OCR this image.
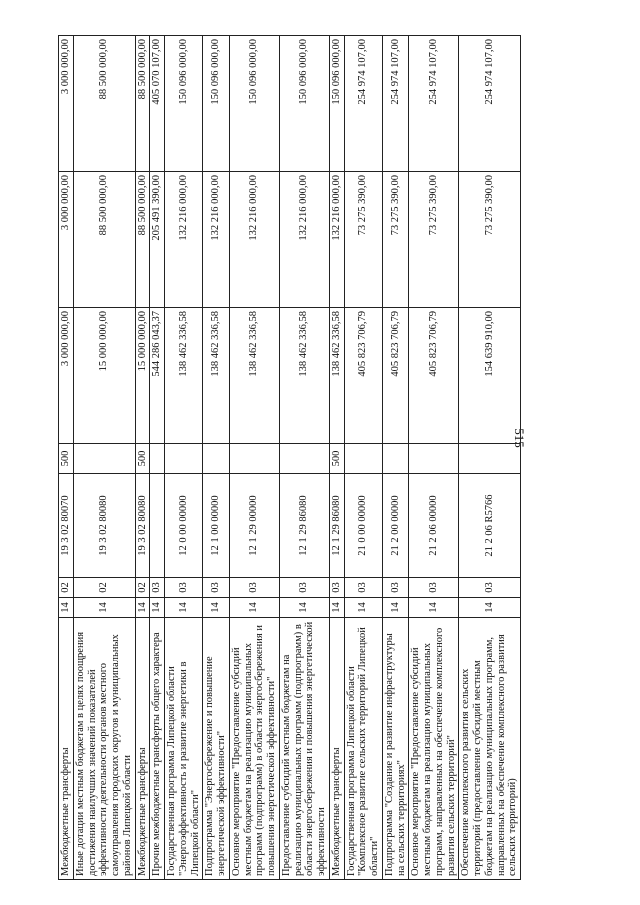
515
Межбюджетные трансферты	14	02	19 3 02 80070	500	3 000 000,00	3 000 000,00	3 000 000,00
Иные дотации местным бюджетам в целях поощрения достижения наилучших значений показателей эффективности деятельности органов местного самоуправления городских округов и муниципальных районов Липецкой области	14	02	19 3 02 80080		15 000 000,00	88 500 000,00	88 500 000,00
Межбюджетные трансферты	14	02	19 3 02 80080	500	15 000 000,00	88 500 000,00	88 500 000,00
Прочие межбюджетные трансферты общего характера	14	03			544 286 043,37	205 491 390,00	405 070 107,00
Государственная программа Липецкой области "Энергоэффективность и развитие энергетики в Липецкой области"	14	03	12 0 00 00000		138 462 336,58	132 216 000,00	150 096 000,00
Подпрограмма "Энергосбережение и повышение энергетической эффективности"	14	03	12 1 00 00000		138 462 336,58	132 216 000,00	150 096 000,00
Основное мероприятие "Предоставление субсидий местным бюджетам на реализацию муниципальных программ (подпрограмм) в области энергосбережения и повышения энергетической эффективности"	14	03	12 1 29 00000		138 462 336,58	132 216 000,00	150 096 000,00
Предоставление субсидий местным бюджетам на реализацию муниципальных программ (подпрограмм) в области энергосбережения и повышения энергетической эффективности	14	03	12 1 29 86080		138 462 336,58	132 216 000,00	150 096 000,00
Межбюджетные трансферты	14	03	12 1 29 86080	500	138 462 336,58	132 216 000,00	150 096 000,00
Государственная программа Липецкой области "Комплексное развитие сельских территорий Липецкой области"	14	03	21 0 00 00000		405 823 706,79	73 275 390,00	254 974 107,00
Подпрограмма "Создание и развитие инфраструктуры на сельских территориях"	14	03	21 2 00 00000		405 823 706,79	73 275 390,00	254 974 107,00
Основное мероприятие "Предоставление субсидий местным бюджетам на реализацию муниципальных программ, направленных на обеспечение комплексного развития сельских территорий"	14	03	21 2 06 00000		405 823 706,79	73 275 390,00	254 974 107,00
Обеспечение комплексного развития сельских территорий (предоставление субсидий местным бюджетам на реализацию муниципальных программ, направленных на обеспечение комплексного развития сельских территорий)	14	03	21 2 06 R5766		154 639 910,00	73 275 390,00	254 974 107,00
